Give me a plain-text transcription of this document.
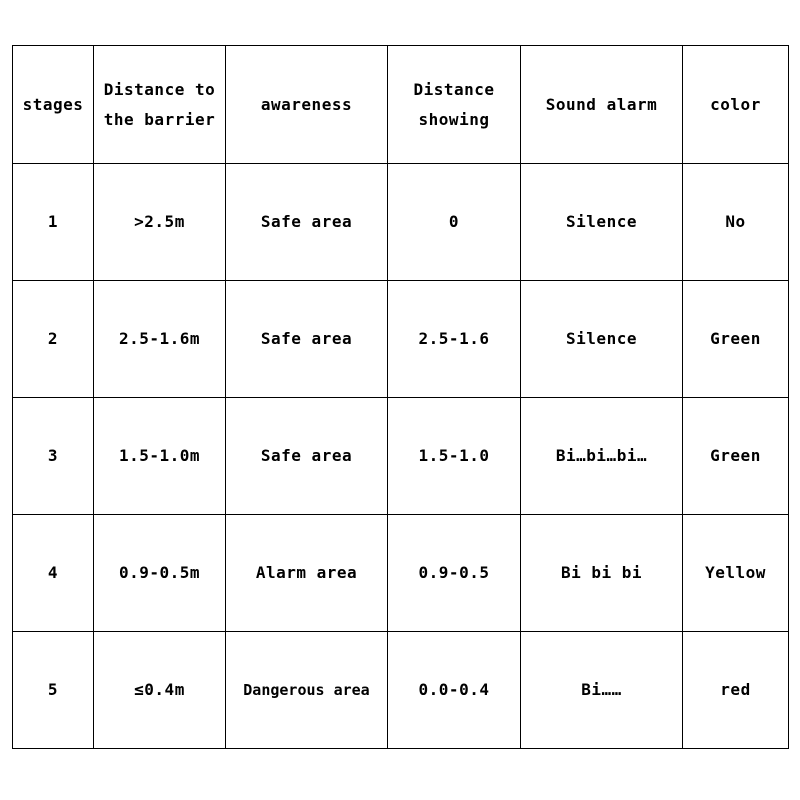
stages	Distance to the barrier	awareness	Distance showing	Sound alarm	color
1	>2.5m	Safe area	0	Silence	No
2	2.5-1.6m	Safe area	2.5-1.6	Silence	Green
3	1.5-1.0m	Safe area	1.5-1.0	Bi…bi…bi…	Green
4	0.9-0.5m	Alarm area	0.9-0.5	Bi bi bi	Yellow
5	≤0.4m	Dangerous area	0.0-0.4	Bi……	red
